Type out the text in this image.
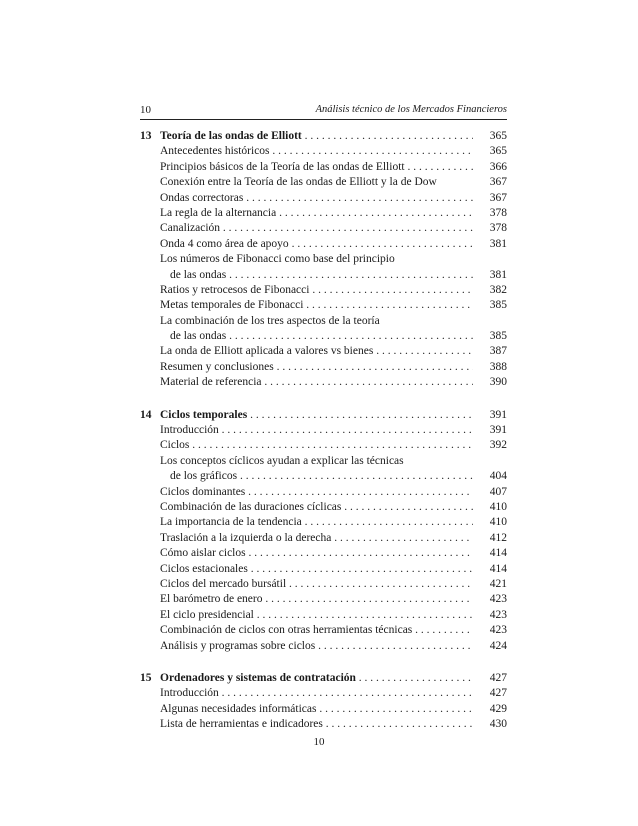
10	Análisis técnico de los Mercados Financieros
13 Teoría de las ondas de Elliott . . .	365
Antecedentes históricos . . .	365
Principios básicos de la Teoría de las ondas de Elliott . . .	366
Conexión entre la Teoría de las ondas de Elliott y la de Dow	367
Ondas correctoras . . .	367
La regla de la alternancia . . .	378
Canalización . . .	378
Onda 4 como área de apoyo . . .	381
Los números de Fibonacci como base del principio
de las ondas . . .	381
Ratios y retrocesos de Fibonacci . . .	382
Metas temporales de Fibonacci . . .	385
La combinación de los tres aspectos de la teoría
de las ondas . . .	385
La onda de Elliott aplicada a valores vs bienes . . .	387
Resumen y conclusiones . . .	388
Material de referencia . . .	390
14 Ciclos temporales . . .	391
Introducción . . .	391
Ciclos . . .	392
Los conceptos cíclicos ayudan a explicar las técnicas
de los gráficos . . .	404
Ciclos dominantes . . .	407
Combinación de las duraciones cíclicas . . .	410
La importancia de la tendencia . . .	410
Traslación a la izquierda o la derecha . . .	412
Cómo aislar ciclos . . .	414
Ciclos estacionales . . .	414
Ciclos del mercado bursátil . . .	421
El barómetro de enero . . .	423
El ciclo presidencial . . .	423
Combinación de ciclos con otras herramientas técnicas . . .	423
Análisis y programas sobre ciclos . . .	424
15 Ordenadores y sistemas de contratación . . .	427
Introducción . . .	427
Algunas necesidades informáticas . . .	429
Lista de herramientas e indicadores . . .	430
10
